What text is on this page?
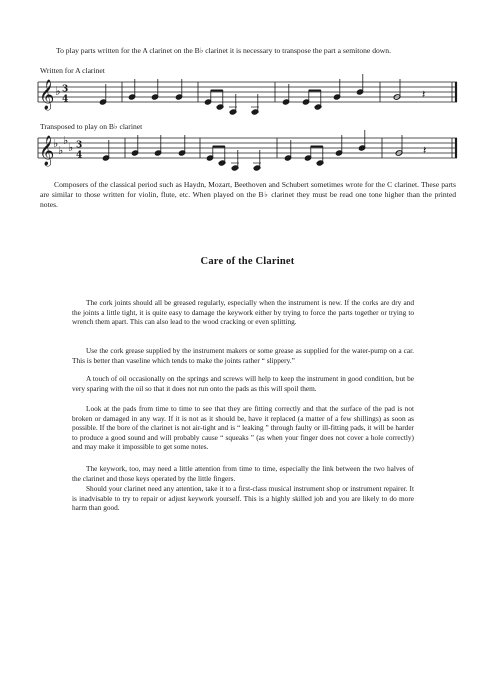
To play parts written for the A clarinet on the B♭ clarinet it is necessary to transpose the part a semitone down.

Written for A clarinet
𝄞 ♭ 3
4	𝄽
𝄞
♭
♭
♭
♭ 3
4	𝄽
Transposed to play on B♭ clarinet

Composers of the classical period such as Haydn, Mozart, Beethoven and Schubert sometimes wrote for the C clarinet. These parts are similar to those written for violin, flute, etc. When played on the B♭ clarinet they must be read one tone higher than the printed notes.

Care of the Clarinet

The cork joints should all be greased regularly, especially when the instrument is new. If the corks are dry and the joints a little tight, it is quite easy to damage the keywork either by trying to force the parts together or trying to wrench them apart. This can also lead to the wood cracking or even splitting.

Use the cork grease supplied by the instrument makers or some grease as supplied for the water-pump on a car. This is better than vaseline which tends to make the joints rather “ slippery.”

A touch of oil occasionally on the springs and screws will help to keep the instrument in good condition, but be very sparing with the oil so that it does not run onto the pads as this will spoil them.

Look at the pads from time to time to see that they are fitting correctly and that the surface of the pad is not broken or damaged in any way. If it is not as it should be, have it replaced (a matter of a few shillings) as soon as possible. If the bore of the clarinet is not air-tight and is “ leaking ” through faulty or ill-fitting pads, it will be harder to produce a good sound and will probably cause “ squeaks ” (as when your finger does not cover a hole correctly) and may make it impossible to get some notes.

The keywork, too, may need a little attention from time to time, especially the link between the two halves of the clarinet and those keys operated by the little fingers.

Should your clarinet need any attention, take it to a first-class musical instrument shop or instrument repairer. It is inadvisable to try to repair or adjust keywork yourself. This is a highly skilled job and you are likely to do more harm than good.
